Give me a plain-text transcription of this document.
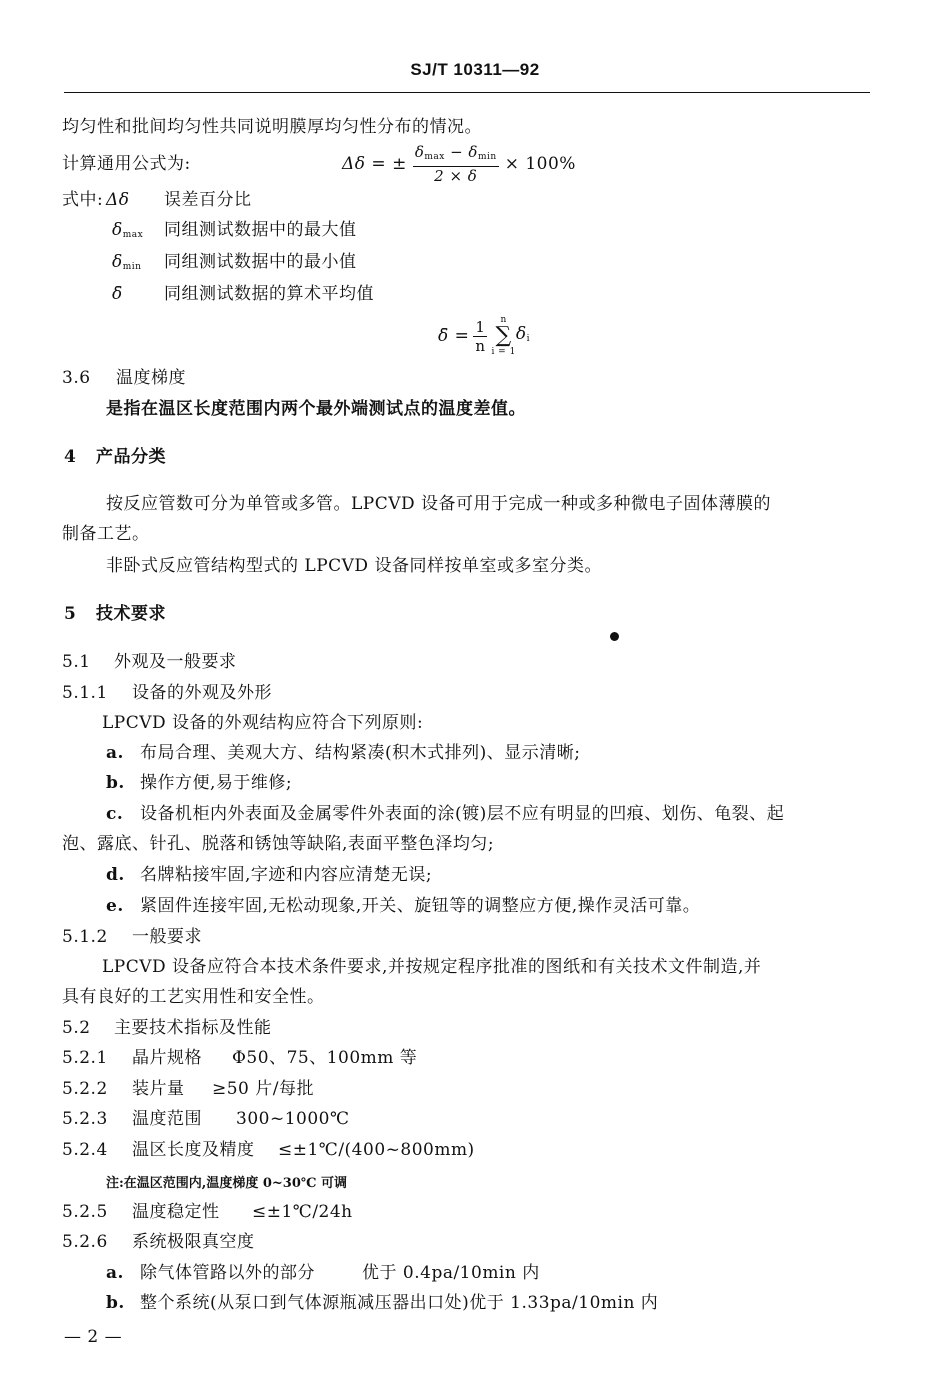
SJ/T 10311—92
均匀性和批间均匀性共同说明膜厚均匀性分布的情况。
计算通用公式为:	Δδ = ± $\frac{\delta_{max} - \delta_{min}}{2 \times \delta} \times 100\%$
式中: Δδ 误差百分比
$\delta_{max}$ 同组测试数据中的最大值
$\delta_{min}$ 同组测试数据中的最小值
δ̄ 同组测试数据的算术平均值
δ̄ = $\frac{1}{n}$ n
∑
i = 1
$\delta_i$
3.6 温度梯度
是指在温区长度范围内两个最外端测试点的温度差值。
4 产品分类
按反应管数可分为单管或多管。LPCVD 设备可用于完成一种或多种微电子固体薄膜的
制备工艺。
非卧式反应管结构型式的 LPCVD 设备同样按单室或多室分类。
5 技术要求
5.1 外观及一般要求
5.1.1 设备的外观及外形
LPCVD 设备的外观结构应符合下列原则:
a. 布局合理、美观大方、结构紧凑(积木式排列)、显示清晰;
b. 操作方便,易于维修;
c. 设备机柜内外表面及金属零件外表面的涂(镀)层不应有明显的凹痕、划伤、龟裂、起
泡、露底、针孔、脱落和锈蚀等缺陷,表面平整色泽均匀;
d. 名牌粘接牢固,字迹和内容应清楚无误;
e. 紧固件连接牢固,无松动现象,开关、旋钮等的调整应方便,操作灵活可靠。
5.1.2 一般要求
LPCVD 设备应符合本技术条件要求,并按规定程序批准的图纸和有关技术文件制造,并
具有良好的工艺实用性和安全性。
5.2 主要技术指标及性能
5.2.1 晶片规格 Φ50、75、100mm 等
5.2.2 装片量 ≥50 片/每批
5.2.3 温度范围 300~1000℃
5.2.4 温区长度及精度 ≤±1℃/(400~800mm)
注:在温区范围内,温度梯度 0~30℃ 可调
5.2.5 温度稳定性 ≤±1℃/24h
5.2.6 系统极限真空度
a. 除气体管路以外的部分	优于 0.4pa/10min 内
b. 整个系统(从泵口到气体源瓶减压器出口处)优于 1.33pa/10min 内
— 2 —
